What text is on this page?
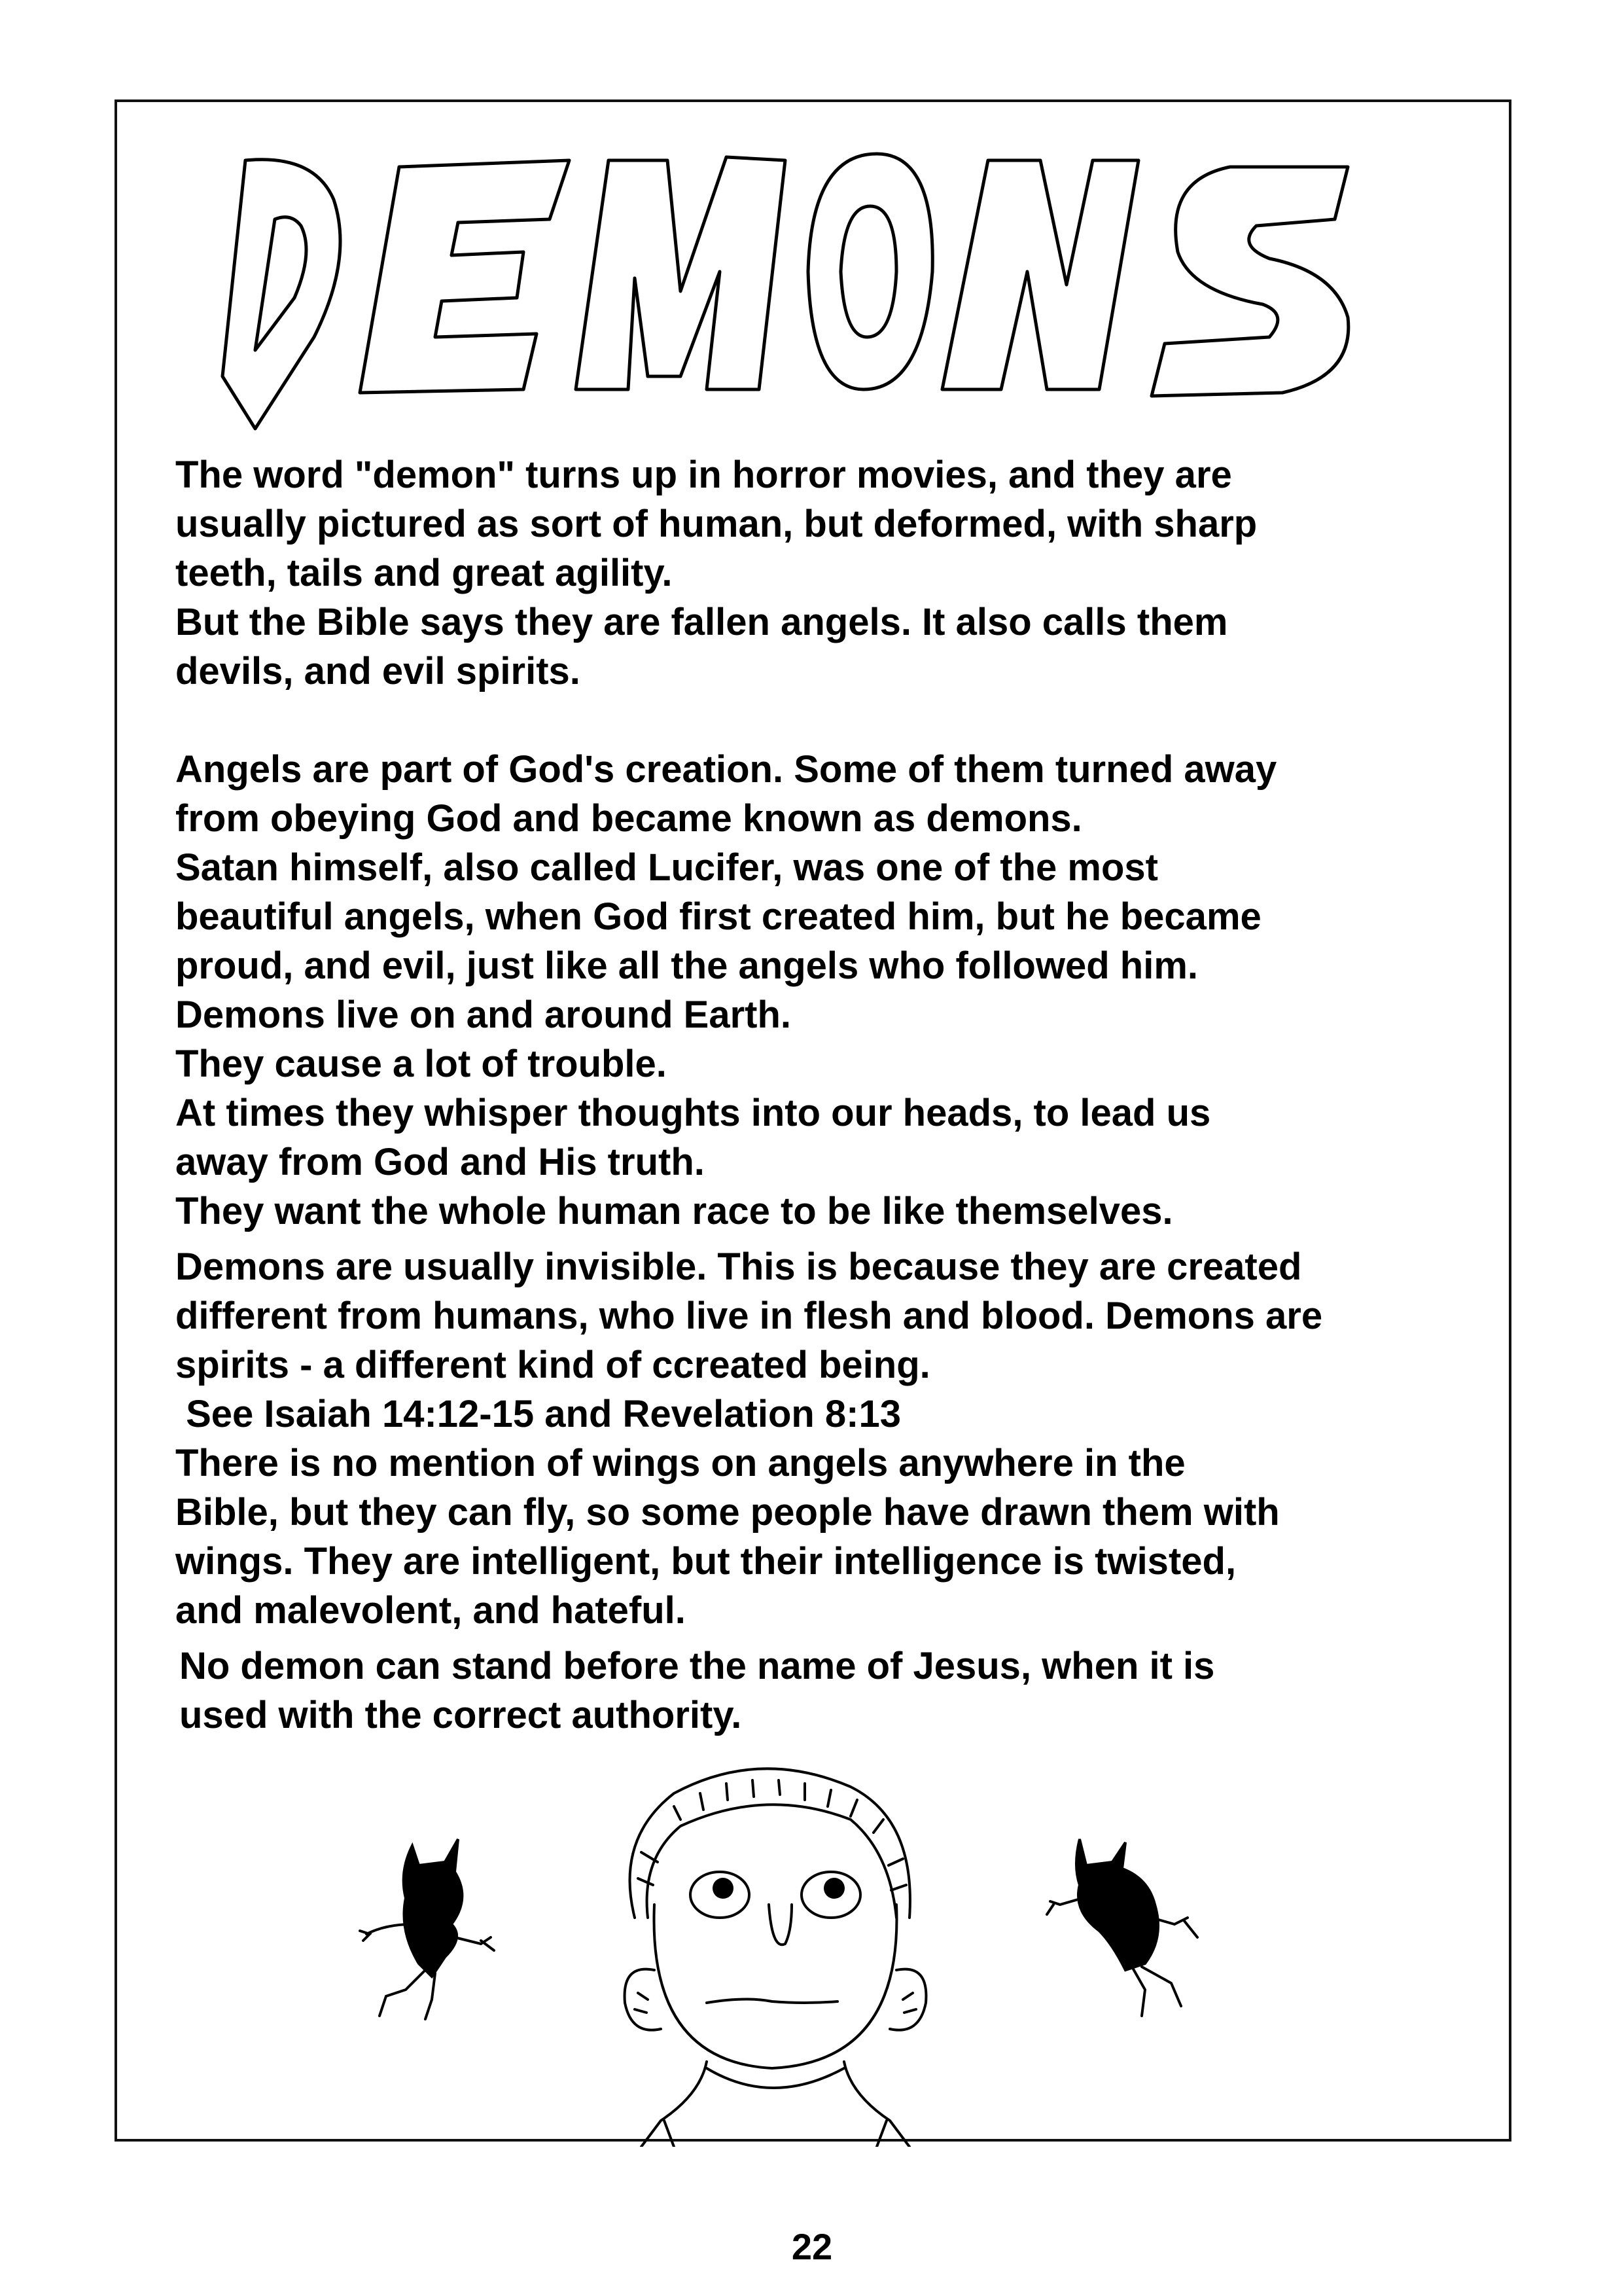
The word "demon" turns up in horror movies, and they are

usually pictured as sort of human, but deformed, with sharp

teeth, tails and great agility.

But the Bible says they are fallen angels. It also calls them

devils, and evil spirits.

Angels are part of God's creation. Some of them turned away

from obeying God and became known as demons.

Satan himself, also called Lucifer, was one of the most

beautiful angels, when God first created him, but he became

proud, and evil, just like all the angels who followed him.

Demons live on and around Earth.

They cause a lot of trouble.

At times they whisper thoughts into our heads, to lead us

away from God and His truth.

They want the whole human race to be like themselves.

Demons are usually invisible. This is because they are created

different from humans, who live in flesh and blood. Demons are

spirits - a different kind of ccreated being.

See Isaiah 14:12-15 and Revelation 8:13

There is no mention of wings on angels anywhere in the

Bible, but they can fly, so some people have drawn them with

wings. They are intelligent, but their intelligence is twisted,

and malevolent, and hateful.

No demon can stand before the name of Jesus, when it is

used with the correct authority.

22
